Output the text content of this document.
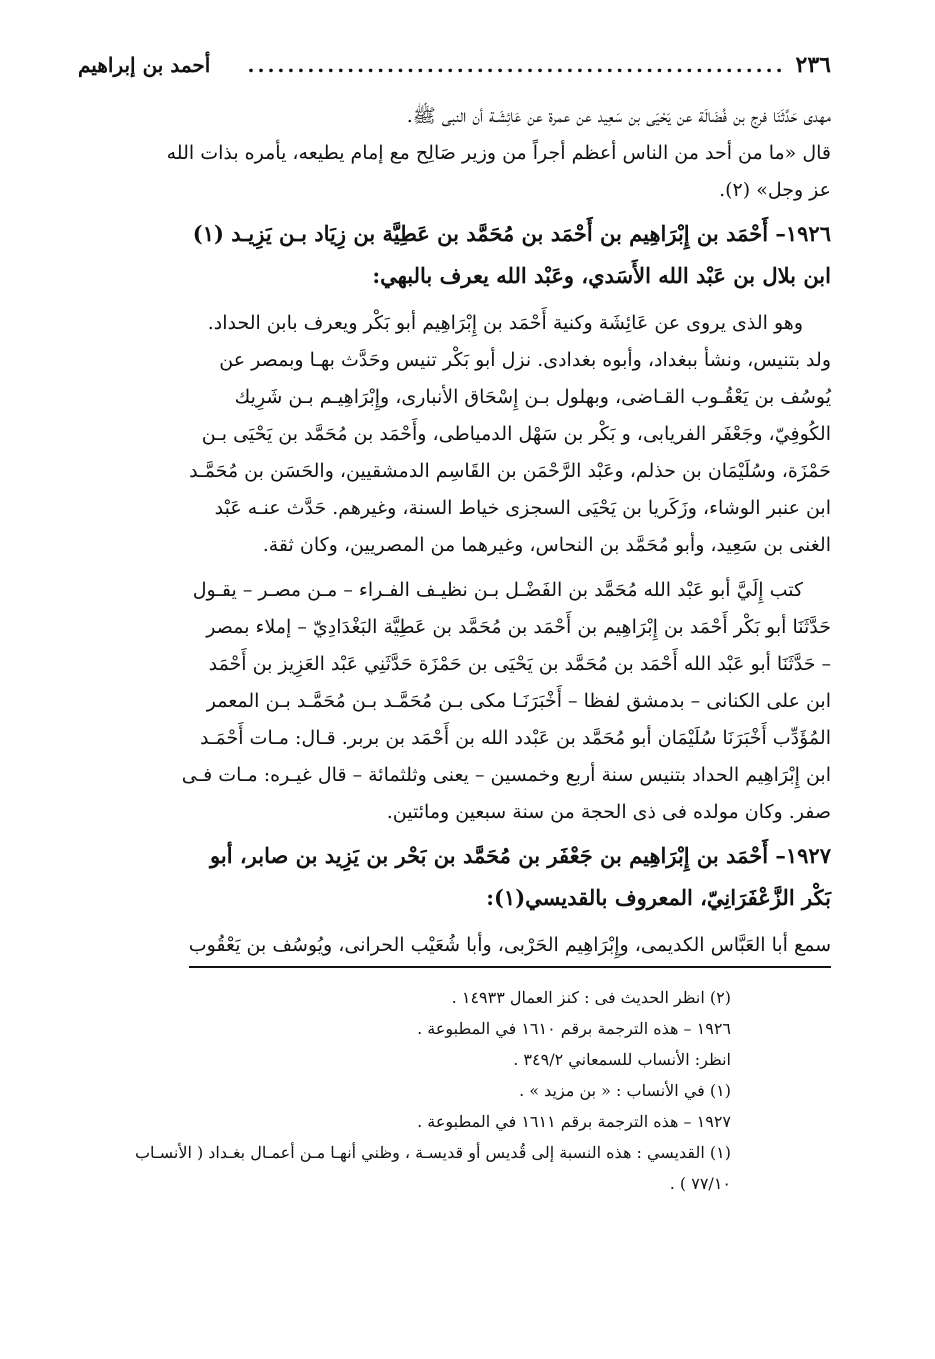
٢٣٦
......................................................
أحمد بن إبراهيم

مهدى حَدَّثَنَا فرج بن فُضَالَة عن يَحْيَى بن سَعِيد عن عمرة عن عَائِشَـة أن النبى ﷺ.

قال «ما من أحد من الناس أعظم أجراً من وزير صَالِح مع إمام يطيعه، يأمره بذات الله

عز وجل» (٢).

١٩٢٦– أَحْمَد بن إِبْرَاهِيم بن أَحْمَد بن مُحَمَّد بن عَطِيَّة بن زِيَاد بـن يَزِيـد (١)
ابن بلال بن عَبْد الله الأَسَدي، وعَبْد الله يعرف بالبهي:

وهو الذى يروى عن عَائِشَة وكنية أَحْمَد بن إِبْرَاهِيم أبو بَكْر ويعرف بابن الحداد.

ولد بتنيس، ونشأ ببغداد، وأبوه بغدادى. نزل أبو بَكْر تنيس وحَدَّث بهـا وبمصر عن

يُوسُف بن يَعْقُـوب القـاضى، وبهلول بـن إِسْحَاق الأنبارى، وإِبْرَاهِيـم بـن شَرِيك

الكُوفِيّ، وجَعْفَر الفريابى، و بَكْر بن سَهْل الدمياطى، وأَحْمَد بن مُحَمَّد بن يَحْيَى بـن

حَمْزَة، وسُلَيْمَان بن حذلم، وعَبْد الرَّحْمَن بن القَاسِم الدمشقيين، والحَسَن بن مُحَمَّـد

ابن عنبر الوشاء، وزَكَريا بن يَحْيَى السجزى خياط السنة، وغيرهم. حَدَّث عنـه عَبْد

الغنى بن سَعِيد، وأبو مُحَمَّد بن النحاس، وغيرهما من المصريين، وكان ثقة.

كتب إِلَيَّ أبو عَبْد الله مُحَمَّد بن الفَضْـل بـن نظيـف الفـراء – مـن مصـر – يقـول

حَدَّثَنَا أبو بَكْر أَحْمَد بن إِبْرَاهِيم بن أَحْمَد بن مُحَمَّد بن عَطِيَّة البَغْدَادِيّ – إملاء بمصر

– حَدَّثَنَا أبو عَبْد الله أَحْمَد بن مُحَمَّد بن يَحْيَى بن حَمْزَة حَدَّثَنِي عَبْد العَزِيز بن أَحْمَد

ابن على الكنانى – بدمشق لفظا – أَخْبَرَنَـا مكى بـن مُحَمَّـد بـن مُحَمَّـد بـن المعمر

المُؤَدِّب أَخْبَرَنَا سُلَيْمَان أبو مُحَمَّد بن عَبْدد الله بن أَحْمَد بن بربر. قـال: مـات أَحْمَـد

ابن إِبْرَاهِيم الحداد بتنيس سنة أربع وخمسين – يعنى وثلثمائة – قال غيـره: مـات فـى

صفر. وكان مولده فى ذى الحجة من سنة سبعين ومائتين.

١٩٢٧– أَحْمَد بن إِبْرَاهِيم بن جَعْفَر بن مُحَمَّد بن بَحْر بن يَزِيد بن صابر، أبو
بَكْر الزَّعْفَرَانِيّ، المعروف بالقديسي(١):

سمع أبا العَبَّاس الكديمى، وإِبْرَاهِيم الحَرْبى، وأبا شُعَيْب الحرانى، ويُوسُف بن يَعْقُوب

(٢) انظر الحديث فى : كنز العمال ١٤٩٣٣ .
١٩٢٦ – هذه الترجمة برقم ١٦١٠ في المطبوعة .
انظر: الأنساب للسمعاني ٣٤٩/٢ .
(١) في الأنساب : « بن مزيد » .
١٩٢٧ – هذه الترجمة برقم ١٦١١ في المطبوعة .
(١) القديسي : هذه النسبة إلى قُديس أو قديسـة ، وظني أنهـا مـن أعمـال بغـداد ( الأنسـاب
٧٧/١٠ ) .
